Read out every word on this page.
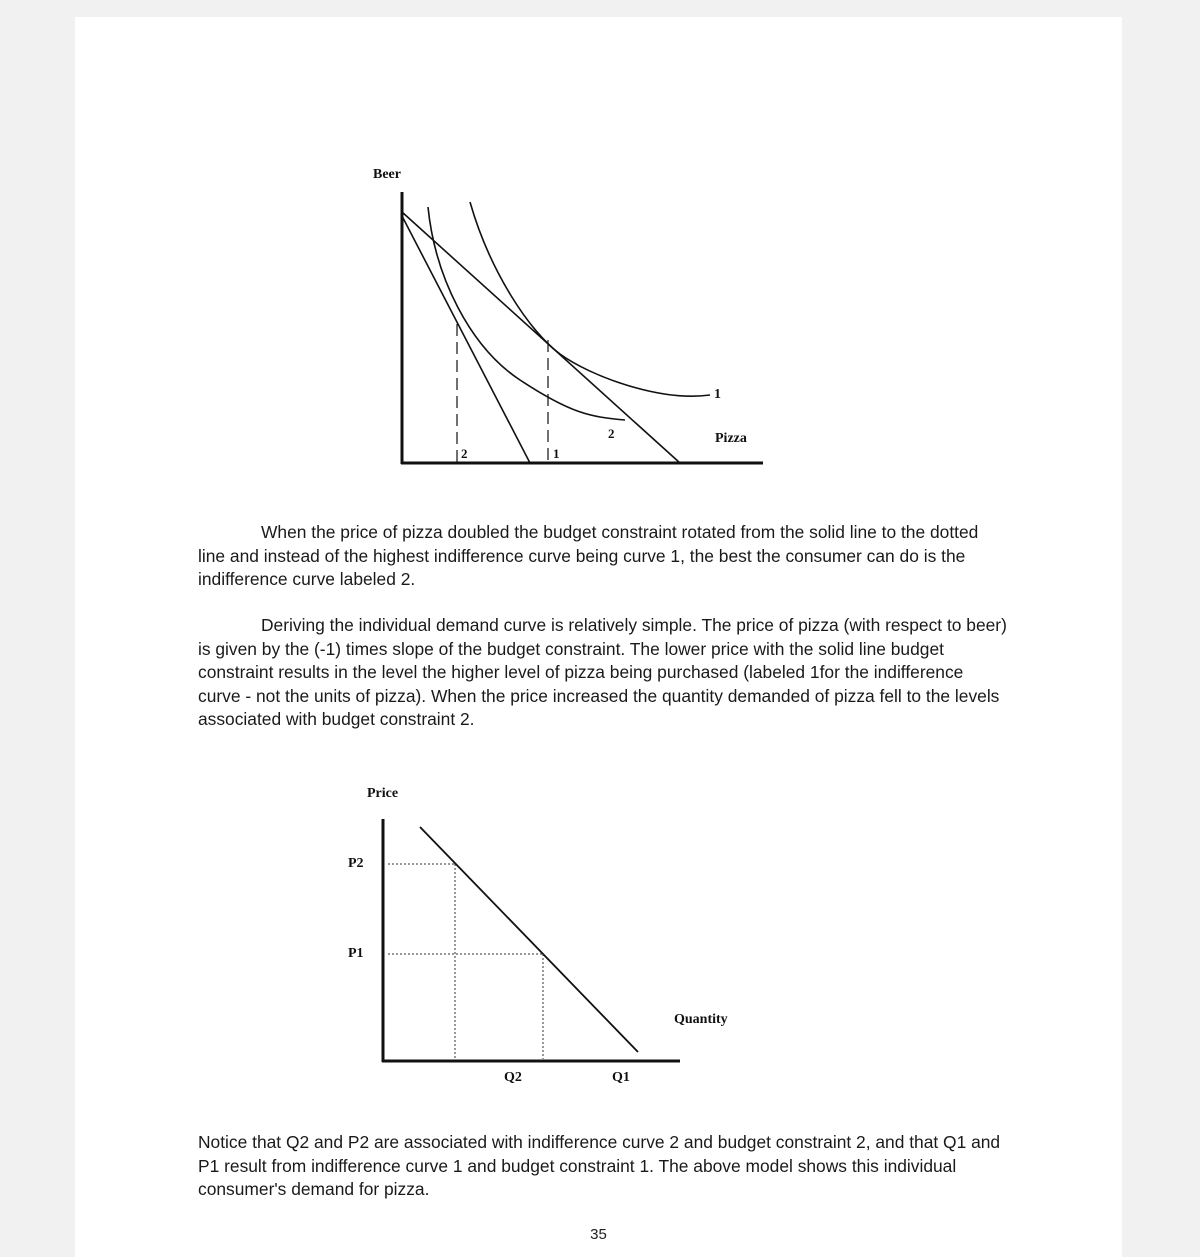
Beer
1
2	Pizza
2	1

When the price of pizza doubled the budget constraint rotated from the solid line to the dotted line and instead of the highest indifference curve being curve 1, the best the consumer can do is the indifference curve labeled 2.

Deriving the individual demand curve is relatively simple. The price of pizza (with respect to beer) is given by the (-1) times slope of the budget constraint. The lower price with the solid line budget constraint results in the level the higher level of pizza being purchased (labeled 1for the indifference curve - not the units of pizza). When the price increased the quantity demanded of pizza fell to the levels associated with budget constraint 2.

Price
P2
P1
Quantity
Q2	Q1

Notice that Q2 and P2 are associated with indifference curve 2 and budget constraint 2, and that Q1 and P1 result from indifference curve 1 and budget constraint 1. The above model shows this individual consumer's demand for pizza.

35
